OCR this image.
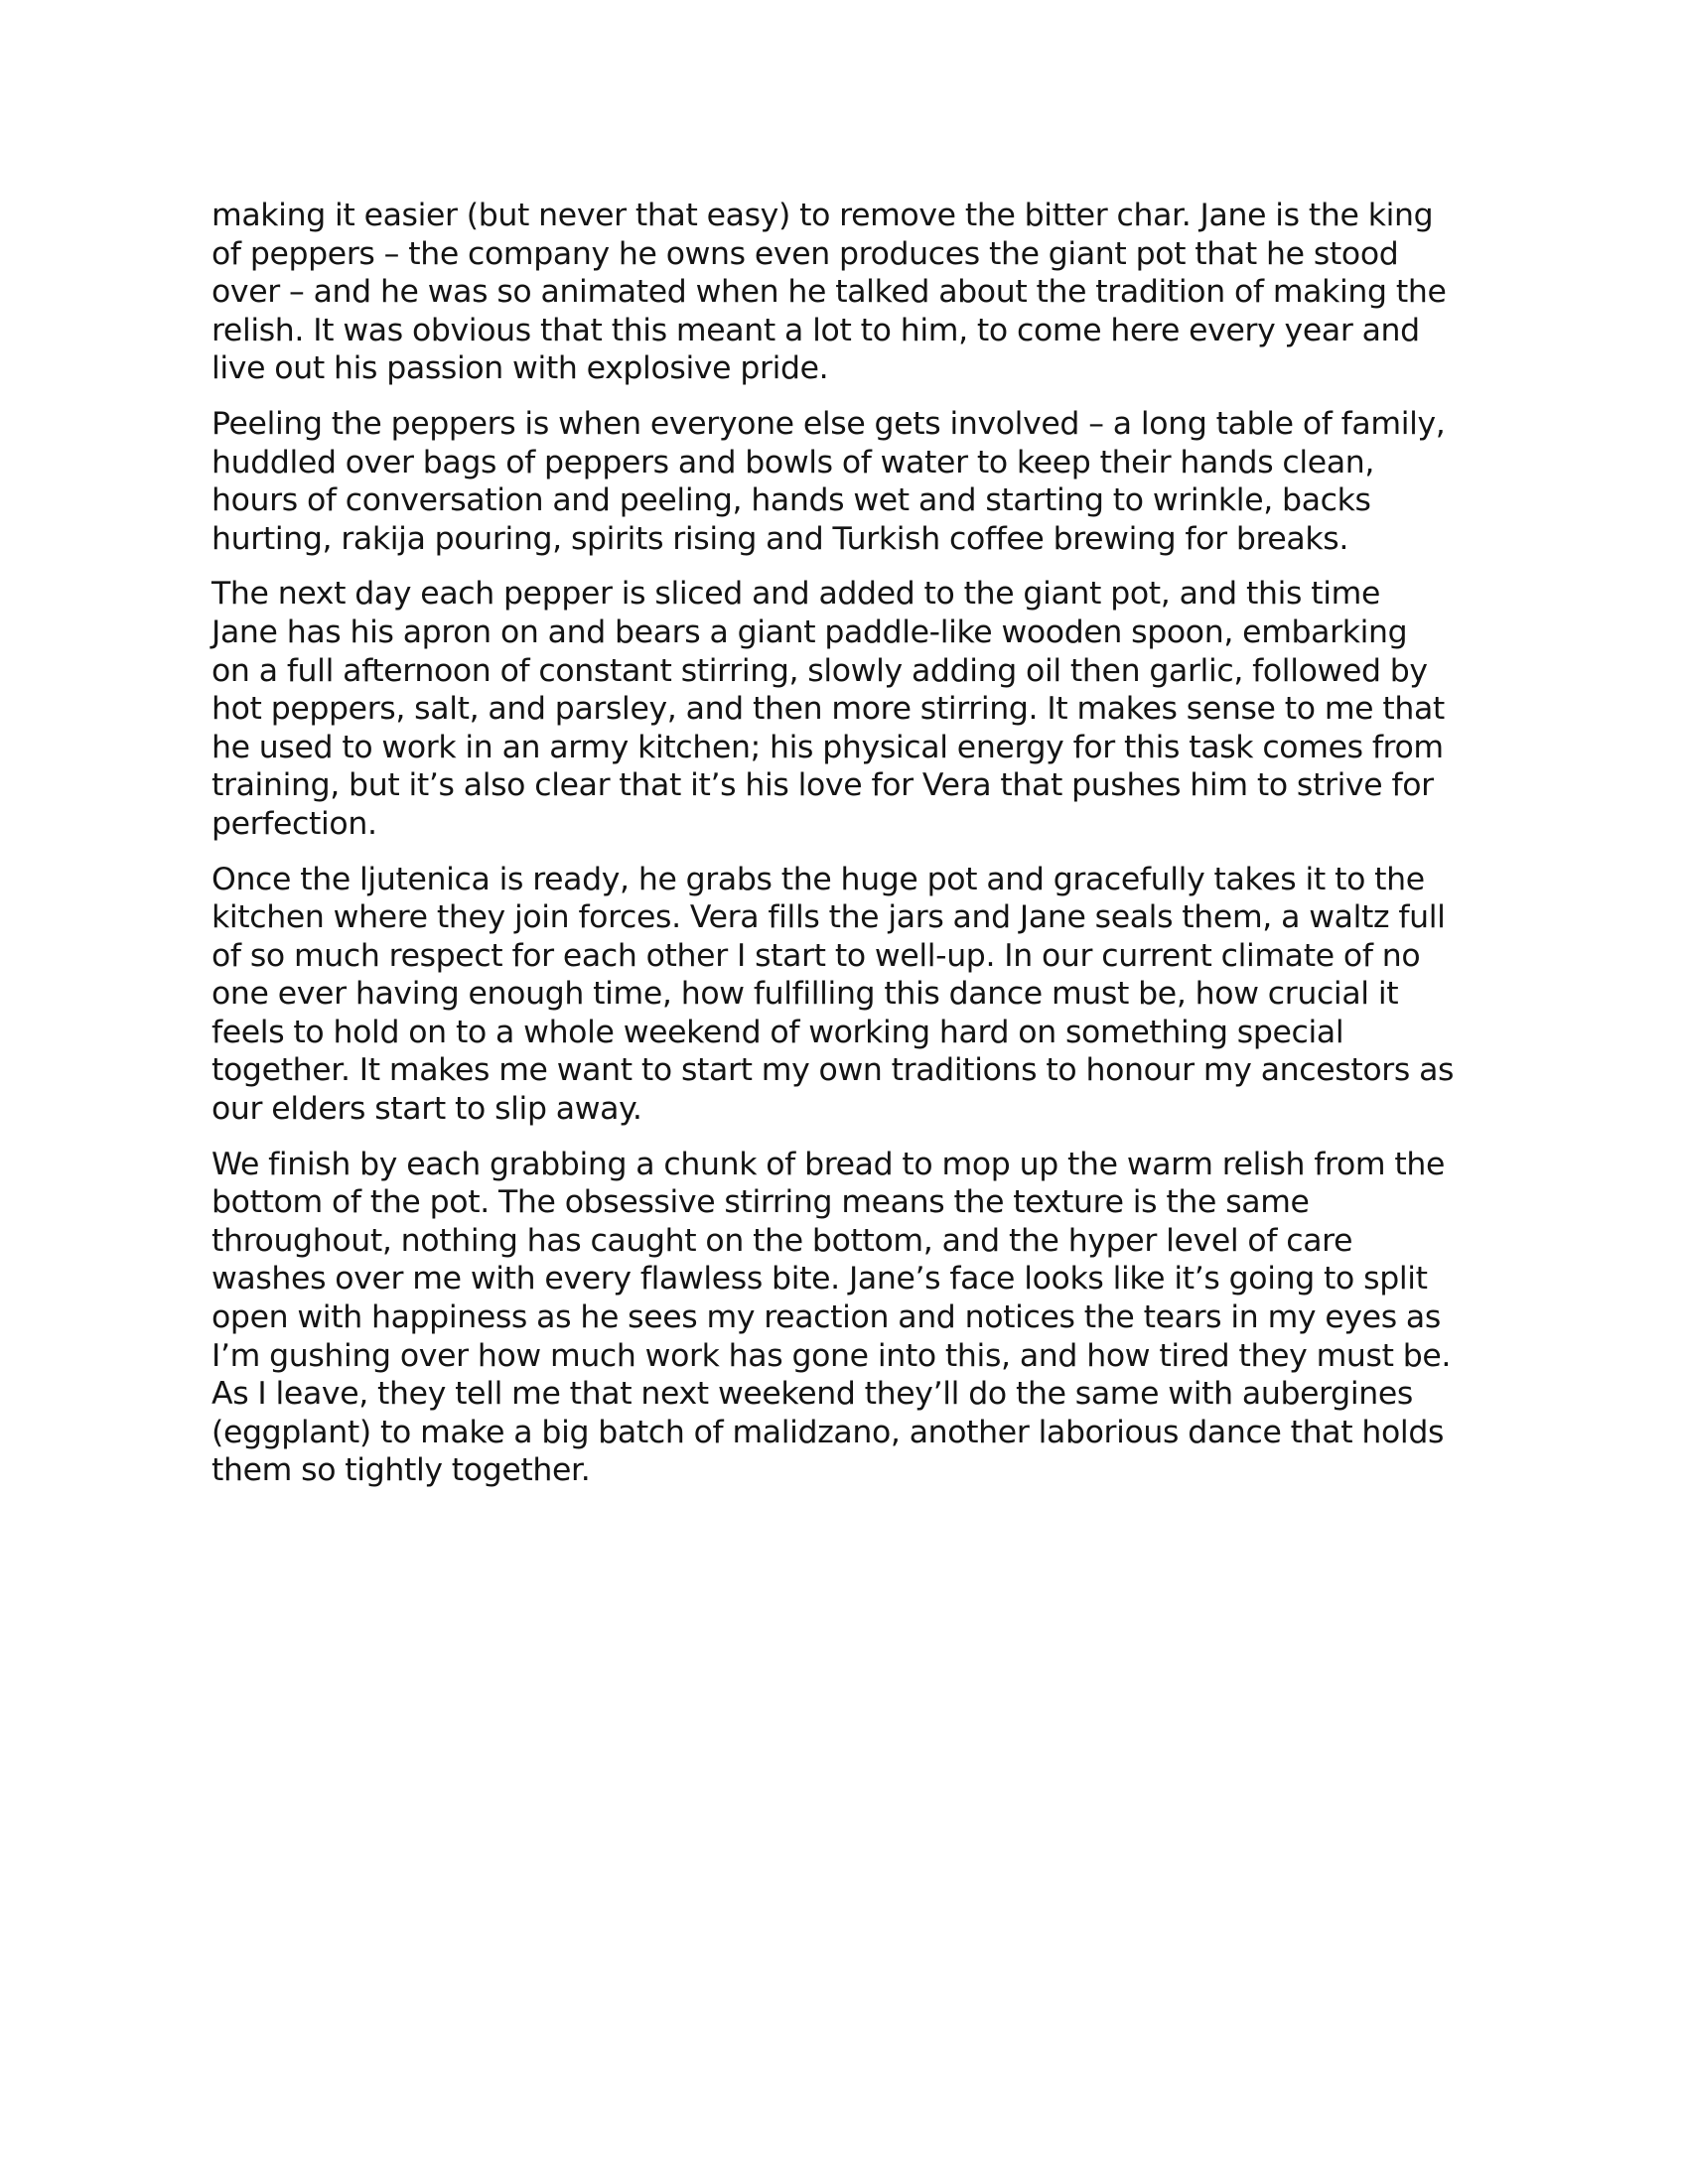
making it easier (but never that easy) to remove the bitter char. Jane is the king
of peppers – the company he owns even produces the giant pot that he stood
over – and he was so animated when he talked about the tradition of making the
relish. It was obvious that this meant a lot to him, to come here every year and
live out his passion with explosive pride.

Peeling the peppers is when everyone else gets involved – a long table of family,
huddled over bags of peppers and bowls of water to keep their hands clean,
hours of conversation and peeling, hands wet and starting to wrinkle, backs
hurting, rakija pouring, spirits rising and Turkish coffee brewing for breaks.

The next day each pepper is sliced and added to the giant pot, and this time
Jane has his apron on and bears a giant paddle-like wooden spoon, embarking
on a full afternoon of constant stirring, slowly adding oil then garlic, followed by
hot peppers, salt, and parsley, and then more stirring. It makes sense to me that
he used to work in an army kitchen; his physical energy for this task comes from
training, but it’s also clear that it’s his love for Vera that pushes him to strive for
perfection.

Once the ljutenica is ready, he grabs the huge pot and gracefully takes it to the
kitchen where they join forces. Vera fills the jars and Jane seals them, a waltz full
of so much respect for each other I start to well-up. In our current climate of no
one ever having enough time, how fulfilling this dance must be, how crucial it
feels to hold on to a whole weekend of working hard on something special
together. It makes me want to start my own traditions to honour my ancestors as
our elders start to slip away.

We finish by each grabbing a chunk of bread to mop up the warm relish from the
bottom of the pot. The obsessive stirring means the texture is the same
throughout, nothing has caught on the bottom, and the hyper level of care
washes over me with every flawless bite. Jane’s face looks like it’s going to split
open with happiness as he sees my reaction and notices the tears in my eyes as
I’m gushing over how much work has gone into this, and how tired they must be.
As I leave, they tell me that next weekend they’ll do the same with aubergines
(eggplant) to make a big batch of malidzano, another laborious dance that holds
them so tightly together.
